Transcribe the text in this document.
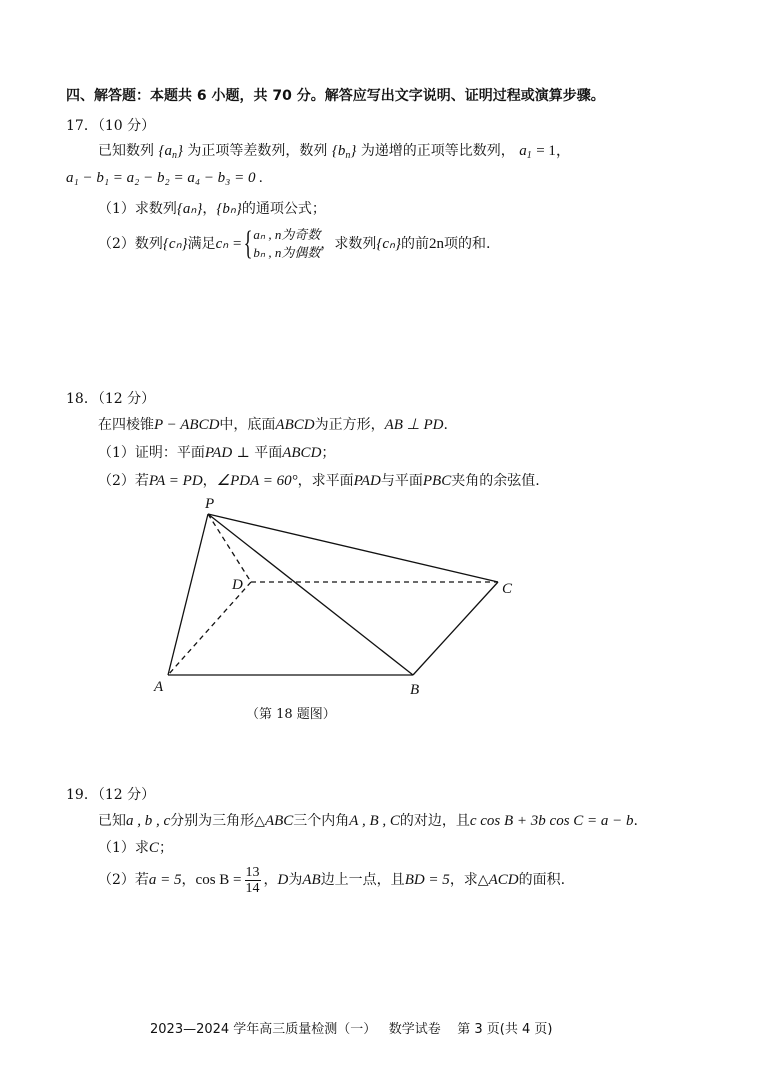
四、解答题：本题共 6 小题，共 70 分。解答应写出文字说明、证明过程或演算步骤。
17．（10 分）
已知数列 $\{a_n\}$ 为正项等差数列，数列 $\{b_n\}$ 为递增的正项等比数列， $a_1 = 1$，
a₁ − b₁ = a₂ − b₂ = a₄ − b₃ = 0 .
（1）求数列{aₙ}，{bₙ}的通项公式；
（2）数列{cₙ}满足cₙ ={ aₙ , n为奇数
bₙ , n为偶数
，求数列{cₙ}的前2n项的和.
18．（12 分）
在四棱锥P − ABCD中，底面ABCD为正方形，AB ⊥ PD.
（1）证明：平面PAD ⊥ 平面ABCD；
（2）若PA = PD，∠PDA = 60°，求平面PAD与平面PBC夹角的余弦值.
P
D	C
A	B
（第 18 题图）
19．（12 分）
已知a , b , c分别为三角形△ABC三个内角A , B , C的对边，且c cos B + 3b cos C = a − b.
（1）求C；
（2）若a = 5，$\cos B = \frac{13}{14}$ ，D为AB边上一点，且BD = 5，求△ACD的面积.
2023—2024 学年高三质量检测（一）   数学试卷    第 3 页(共 4 页)
